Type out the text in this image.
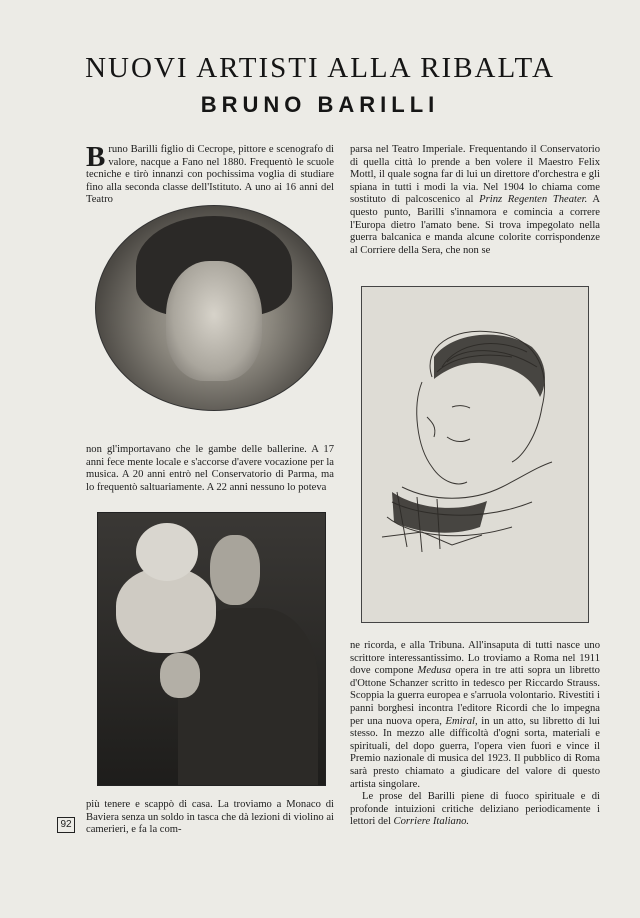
NUOVI ARTISTI ALLA RIBALTA
BRUNO BARILLI

Bruno Barilli figlio di Cecrope, pittore e scenografo di valore, nacque a Fano nel 1880. Frequentò le scuole tecniche e tirò innanzi con pochissima voglia di studiare fino alla seconda classe dell'Istituto. A uno ai 16 anni del Teatro

non gl'importavano che le gambe delle ballerine. A 17 anni fece mente locale e s'accorse d'avere vocazione per la musica. A 20 anni entrò nel Conservatorio di Parma, ma lo frequentò saltuariamente. A 22 anni nessuno lo poteva

più tenere e scappò di casa. La troviamo a Monaco di Baviera senza un soldo in tasca che dà lezioni di violino ai camerieri, e fa la com-

92

parsa nel Teatro Imperiale. Frequentando il Conservatorio di quella città lo prende a ben volere il Maestro Felix Mottl, il quale sogna far di lui un direttore d'orchestra e gli spiana in tutti i modi la via. Nel 1904 lo chiama come sostituto di palcoscenico al Prinz Regenten Theater. A questo punto, Barilli s'innamora e comincia a correre l'Europa dietro l'amato bene. Si trova impegolato nella guerra balcanica e manda alcune colorite corrispondenze al Corriere della Sera, che non se

ne ricorda, e alla Tribuna. All'insaputa di tutti nasce uno scrittore interessantissimo. Lo troviamo a Roma nel 1911 dove compone Medusa opera in tre atti sopra un libretto d'Ottone Schanzer scritto in tedesco per Riccardo Strauss. Scoppia la guerra europea e s'arruola volontario. Rivestiti i panni borghesi incontra l'editore Ricordi che lo impegna per una nuova opera, Emiral, in un atto, su libretto di lui stesso. In mezzo alle difficoltà d'ogni sorta, materiali e spirituali, del dopo guerra, l'opera vien fuori e vince il Premio nazionale di musica del 1923. Il pubblico di Roma sarà presto chiamato a giudicare del valore di questo artista singolare.

Le prose del Barilli piene di fuoco spirituale e di profonde intuizioni critiche deliziano periodicamente i lettori del Corriere Italiano.
